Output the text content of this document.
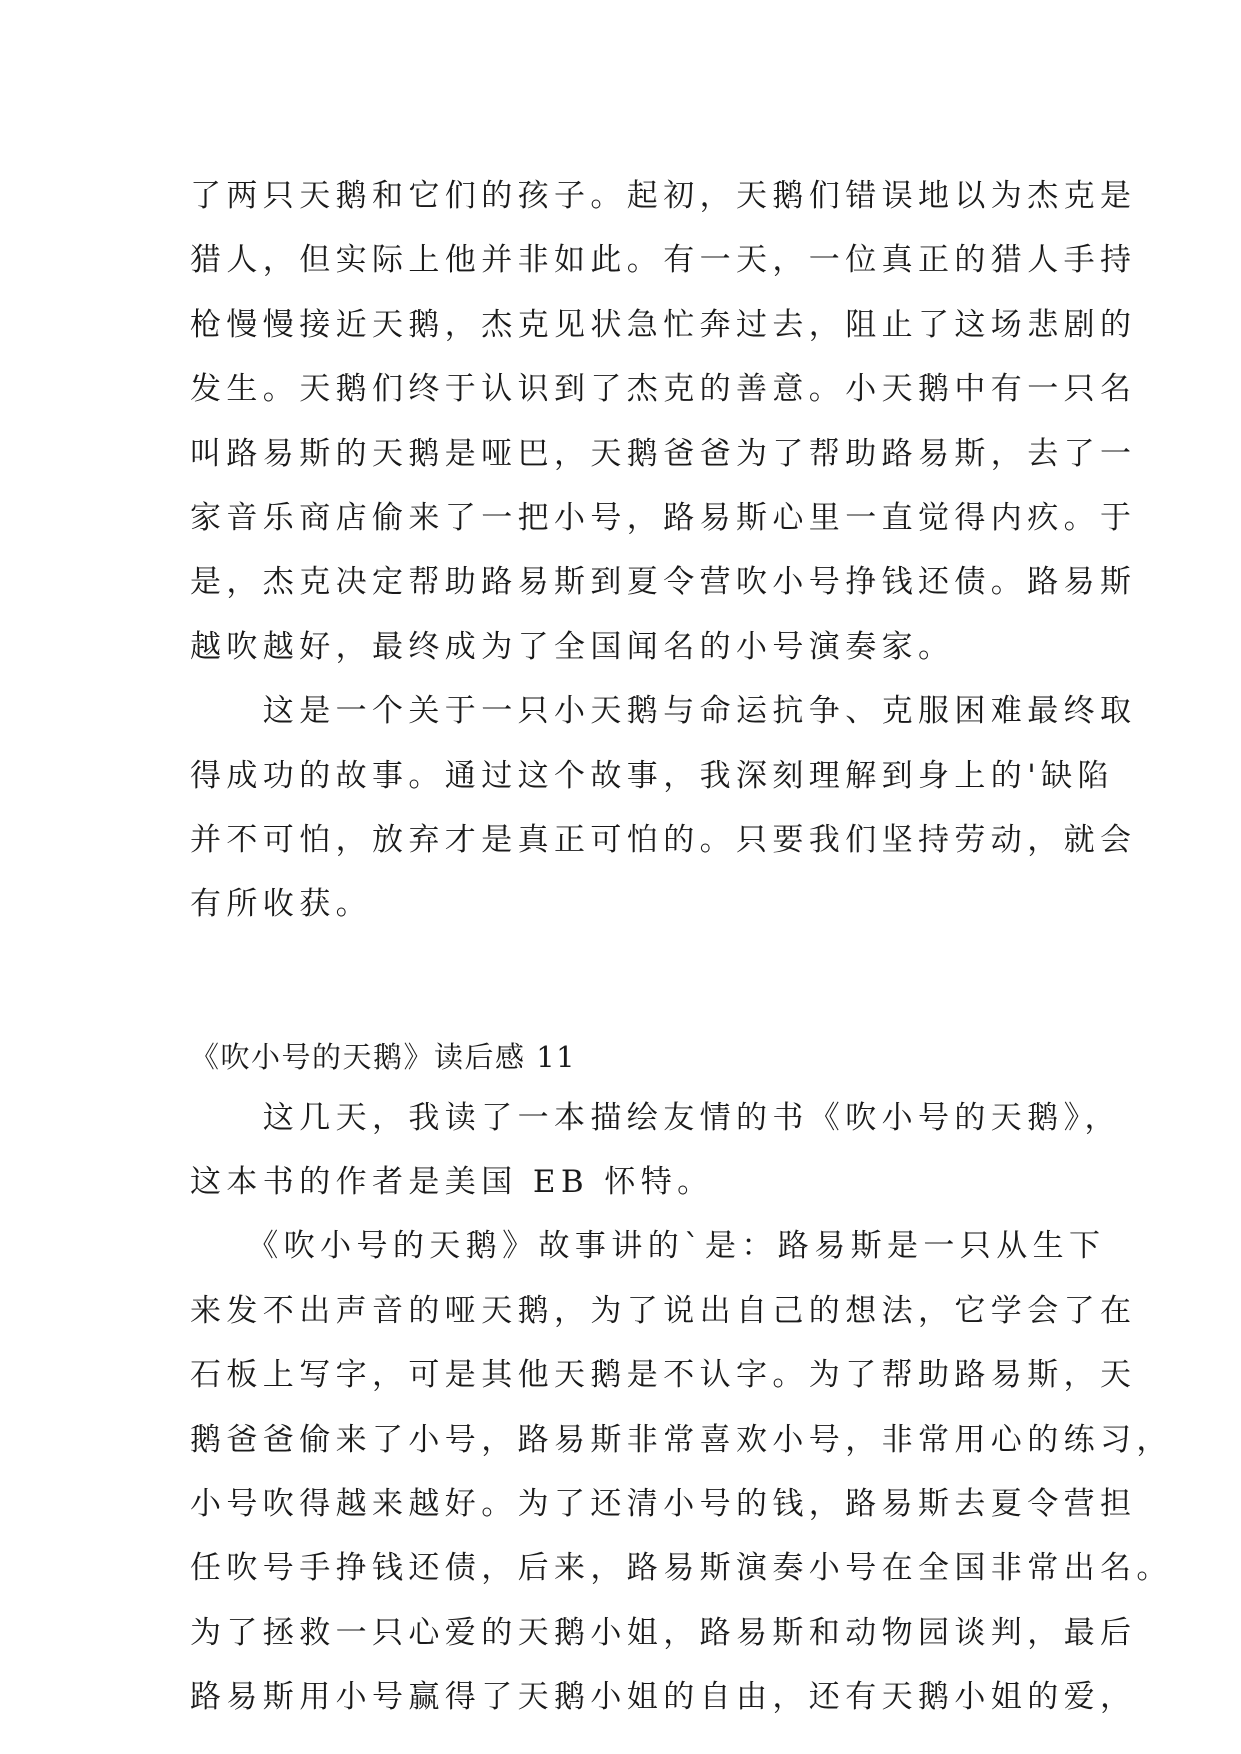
了两只天鹅和它们的孩子。起初，天鹅们错误地以为杰克是
猎人，但实际上他并非如此。有一天，一位真正的猎人手持
枪慢慢接近天鹅，杰克见状急忙奔过去，阻止了这场悲剧的
发生。天鹅们终于认识到了杰克的善意。小天鹅中有一只名
叫路易斯的天鹅是哑巴，天鹅爸爸为了帮助路易斯，去了一
家音乐商店偷来了一把小号，路易斯心里一直觉得内疚。于
是，杰克决定帮助路易斯到夏令营吹小号挣钱还债。路易斯
越吹越好，最终成为了全国闻名的小号演奏家。
　　这是一个关于一只小天鹅与命运抗争、克服困难最终取
得成功的故事。通过这个故事，我深刻理解到身上的'缺陷
并不可怕，放弃才是真正可怕的。只要我们坚持劳动，就会
有所收获。
《吹小号的天鹅》读后感 11
　　这几天，我读了一本描绘友情的书《吹小号的天鹅》，
这本书的作者是美国 EB 怀特。
　　《吹小号的天鹅》故事讲的`是：路易斯是一只从生下
来发不出声音的哑天鹅，为了说出自己的想法，它学会了在
石板上写字，可是其他天鹅是不认字。为了帮助路易斯，天
鹅爸爸偷来了小号，路易斯非常喜欢小号，非常用心的练习，
小号吹得越来越好。为了还清小号的钱，路易斯去夏令营担
任吹号手挣钱还债，后来，路易斯演奏小号在全国非常出名。
为了拯救一只心爱的天鹅小姐，路易斯和动物园谈判，最后
路易斯用小号赢得了天鹅小姐的自由，还有天鹅小姐的爱，
